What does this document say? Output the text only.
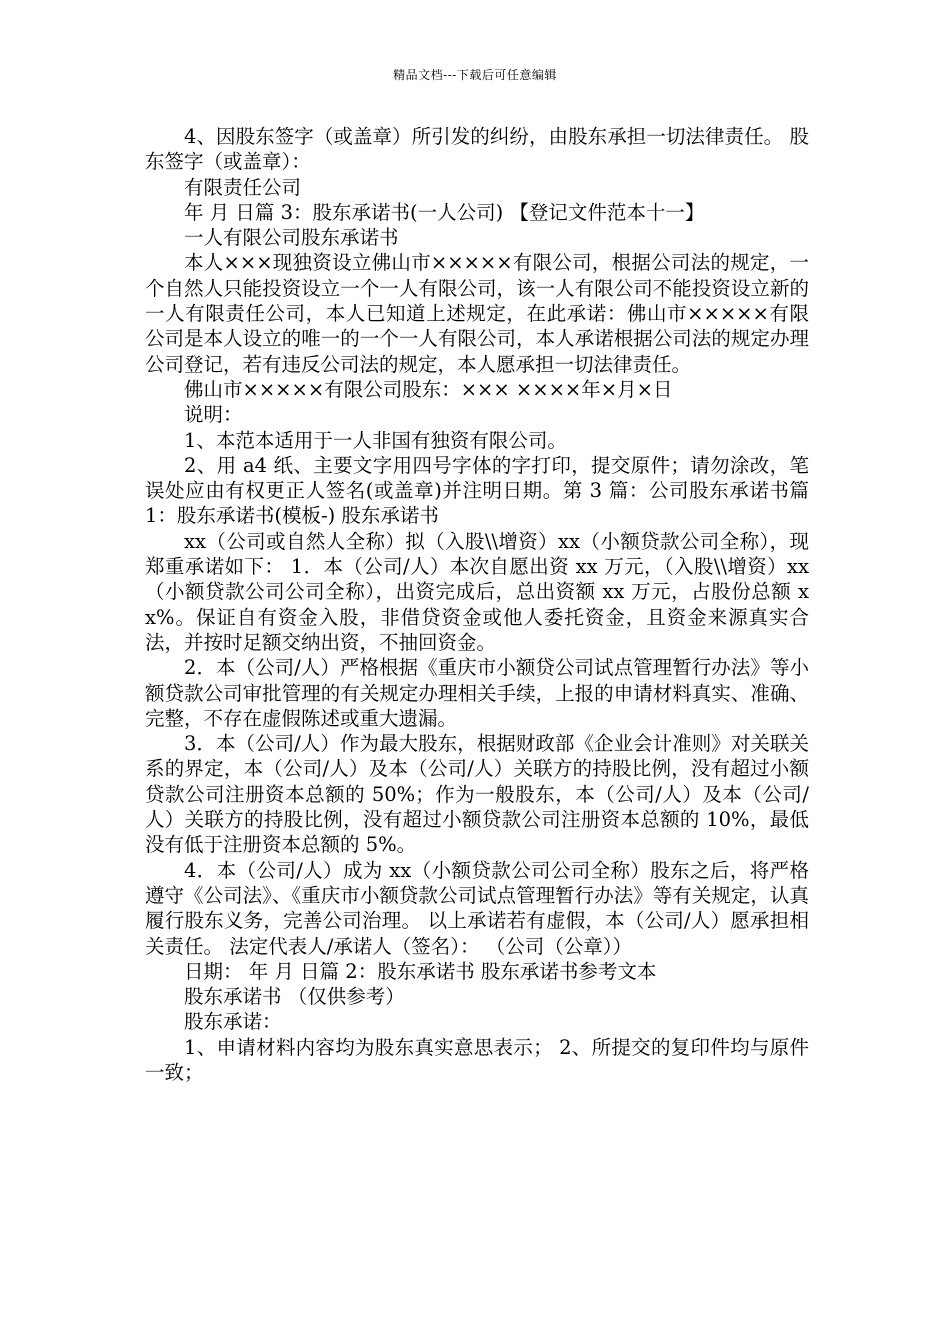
精品文档---下载后可任意编辑

4、因股东签字（或盖章）所引发的纠纷，由股东承担一切法律责任。 股东签字（或盖章）：

有限责任公司

年 月 日篇 3：股东承诺书(一人公司) 【登记文件范本十一】

一人有限公司股东承诺书

本人×××现独资设立佛山市×××××有限公司，根据公司法的规定，一个自然人只能投资设立一个一人有限公司，该一人有限公司不能投资设立新的一人有限责任公司，本人已知道上述规定，在此承诺：佛山市×××××有限公司是本人设立的唯一的一个一人有限公司，本人承诺根据公司法的规定办理公司登记，若有违反公司法的规定，本人愿承担一切法律责任。

佛山市×××××有限公司股东：××× ××××年×月×日

说明：

1、本范本适用于一人非国有独资有限公司。

2、用 a4 纸、主要文字用四号字体的字打印，提交原件；请勿涂改，笔误处应由有权更正人签名(或盖章)并注明日期。第 3 篇：公司股东承诺书篇 1：股东承诺书(模板-) 股东承诺书

xx（公司或自然人全称）拟（入股\\增资）xx（小额贷款公司全称），现郑重承诺如下： 1．本（公司/人）本次自愿出资 xx 万元，（入股\\增资）xx（小额贷款公司公司全称），出资完成后，总出资额 xx 万元，占股份总额 xx%。保证自有资金入股，非借贷资金或他人委托资金，且资金来源真实合法，并按时足额交纳出资，不抽回资金。

2．本（公司/人）严格根据《重庆市小额贷公司试点管理暂行办法》等小额贷款公司审批管理的有关规定办理相关手续，上报的申请材料真实、准确、完整，不存在虚假陈述或重大遗漏。

3．本（公司/人）作为最大股东，根据财政部《企业会计准则》对关联关系的界定，本（公司/人）及本（公司/人）关联方的持股比例，没有超过小额贷款公司注册资本总额的 50%；作为一般股东，本（公司/人）及本（公司/人）关联方的持股比例，没有超过小额贷款公司注册资本总额的 10%，最低没有低于注册资本总额的 5%。

4．本（公司/人）成为 xx（小额贷款公司公司全称）股东之后，将严格遵守《公司法》、《重庆市小额贷款公司试点管理暂行办法》等有关规定，认真履行股东义务，完善公司治理。 以上承诺若有虚假，本（公司/人）愿承担相关责任。 法定代表人/承诺人（签名）： （公司（公章））

日期： 年 月 日篇 2：股东承诺书 股东承诺书参考文本

股东承诺书 （仅供参考）

股东承诺：

1、申请材料内容均为股东真实意思表示； 2、所提交的复印件均与原件一致；
